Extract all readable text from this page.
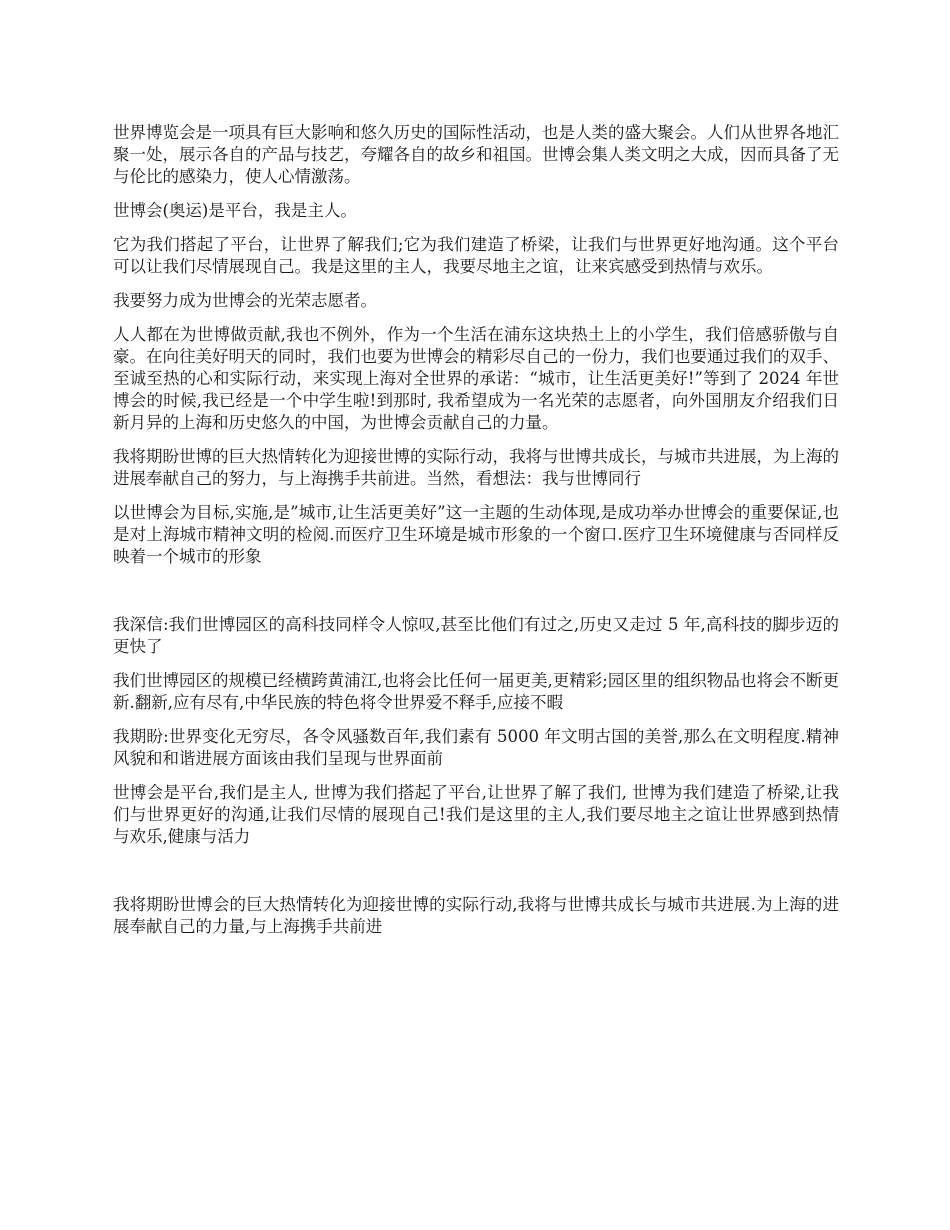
世界博览会是一项具有巨大影响和悠久历史的国际性活动，也是人类的盛大聚会。人们从世界各地汇聚一处，展示各自的产品与技艺，夸耀各自的故乡和祖国。世博会集人类文明之大成，因而具备了无与伦比的感染力，使人心情激荡。

世博会(奥运)是平台，我是主人。

它为我们搭起了平台，让世界了解我们;它为我们建造了桥梁，让我们与世界更好地沟通。这个平台可以让我们尽情展现自己。我是这里的主人，我要尽地主之谊，让来宾感受到热情与欢乐。

我要努力成为世博会的光荣志愿者。

人人都在为世博做贡献,我也不例外，作为一个生活在浦东这块热土上的小学生，我们倍感骄傲与自豪。在向往美好明天的同时，我们也要为世博会的精彩尽自己的一份力，我们也要通过我们的双手、至诚至热的心和实际行动，来实现上海对全世界的承诺：“城市，让生活更美好!”等到了 2024 年世博会的时候,我已经是一个中学生啦!到那时, 我希望成为一名光荣的志愿者，向外国朋友介绍我们日新月异的上海和历史悠久的中国，为世博会贡献自己的力量。

我将期盼世博的巨大热情转化为迎接世博的实际行动，我将与世博共成长，与城市共进展，为上海的进展奉献自己的努力，与上海携手共前进。当然，看想法：我与世博同行

以世博会为目标,实施,是”城市,让生活更美好”这一主题的生动体现,是成功举办世博会的重要保证,也是对上海城市精神文明的检阅.而医疗卫生环境是城市形象的一个窗口.医疗卫生环境健康与否同样反映着一个城市的形象

我深信:我们世博园区的高科技同样令人惊叹,甚至比他们有过之,历史又走过 5 年,高科技的脚步迈的更快了

我们世博园区的规模已经横跨黄浦江,也将会比任何一届更美,更精彩;园区里的组织物品也将会不断更新.翻新,应有尽有,中华民族的特色将令世界爱不释手,应接不暇

我期盼:世界变化无穷尽，各令风骚数百年,我们素有 5000 年文明古国的美誉,那么在文明程度.精神风貌和和谐进展方面该由我们呈现与世界面前

世博会是平台,我们是主人, 世博为我们搭起了平台,让世界了解了我们, 世博为我们建造了桥梁,让我们与世界更好的沟通,让我们尽情的展现自己!我们是这里的主人,我们要尽地主之谊让世界感到热情与欢乐,健康与活力

我将期盼世博会的巨大热情转化为迎接世博的实际行动,我将与世博共成长与城市共进展.为上海的进展奉献自己的力量,与上海携手共前进
